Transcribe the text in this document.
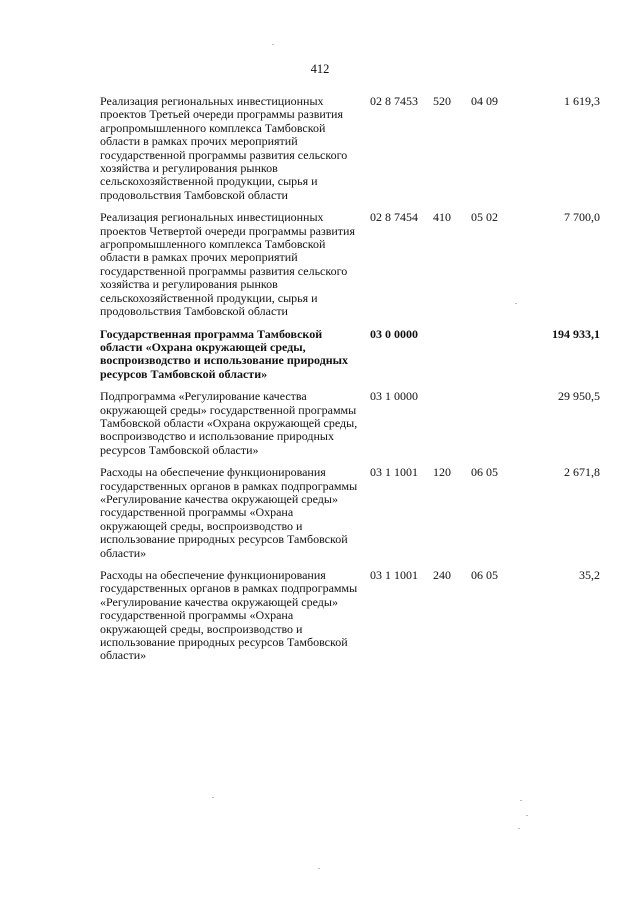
412
Реализация региональных инвестиционных проектов Третьей очереди программы развития агропромышленного комплекса Тамбовской области в рамках прочих мероприятий государственной программы развития сельского хозяйства и регулирования рынков сельскохозяйственной продукции, сырья и продовольствия Тамбовской области
02 8 7453 520 04 09	1 619,3
Реализация региональных инвестиционных проектов Четвертой очереди программы развития агропромышленного комплекса Тамбовской области в рамках прочих мероприятий государственной программы развития сельского хозяйства и регулирования рынков сельскохозяйственной продукции, сырья и продовольствия Тамбовской области
02 8 7454 410 05 02	7 700,0
Государственная программа Тамбовской области «Охрана окружающей среды, воспроизводство и использование природных ресурсов Тамбовской области»
03 0 0000	194 933,1
Подпрограмма «Регулирование качества окружающей среды» государственной программы Тамбовской области «Охрана окружающей среды, воспроизводство и использование природных ресурсов Тамбовской области»
03 1 0000	29 950,5
Расходы на обеспечение функционирования государственных органов в рамках подпрограммы «Регулирование качества окружающей среды» государственной программы «Охрана окружающей среды, воспроизводство и использование природных ресурсов Тамбовской области»
03 1 1001 120 06 05	2 671,8
Расходы на обеспечение функционирования государственных органов в рамках подпрограммы «Регулирование качества окружающей среды» государственной программы «Охрана окружающей среды, воспроизводство и использование природных ресурсов Тамбовской области»
03 1 1001 240 06 05	35,2
